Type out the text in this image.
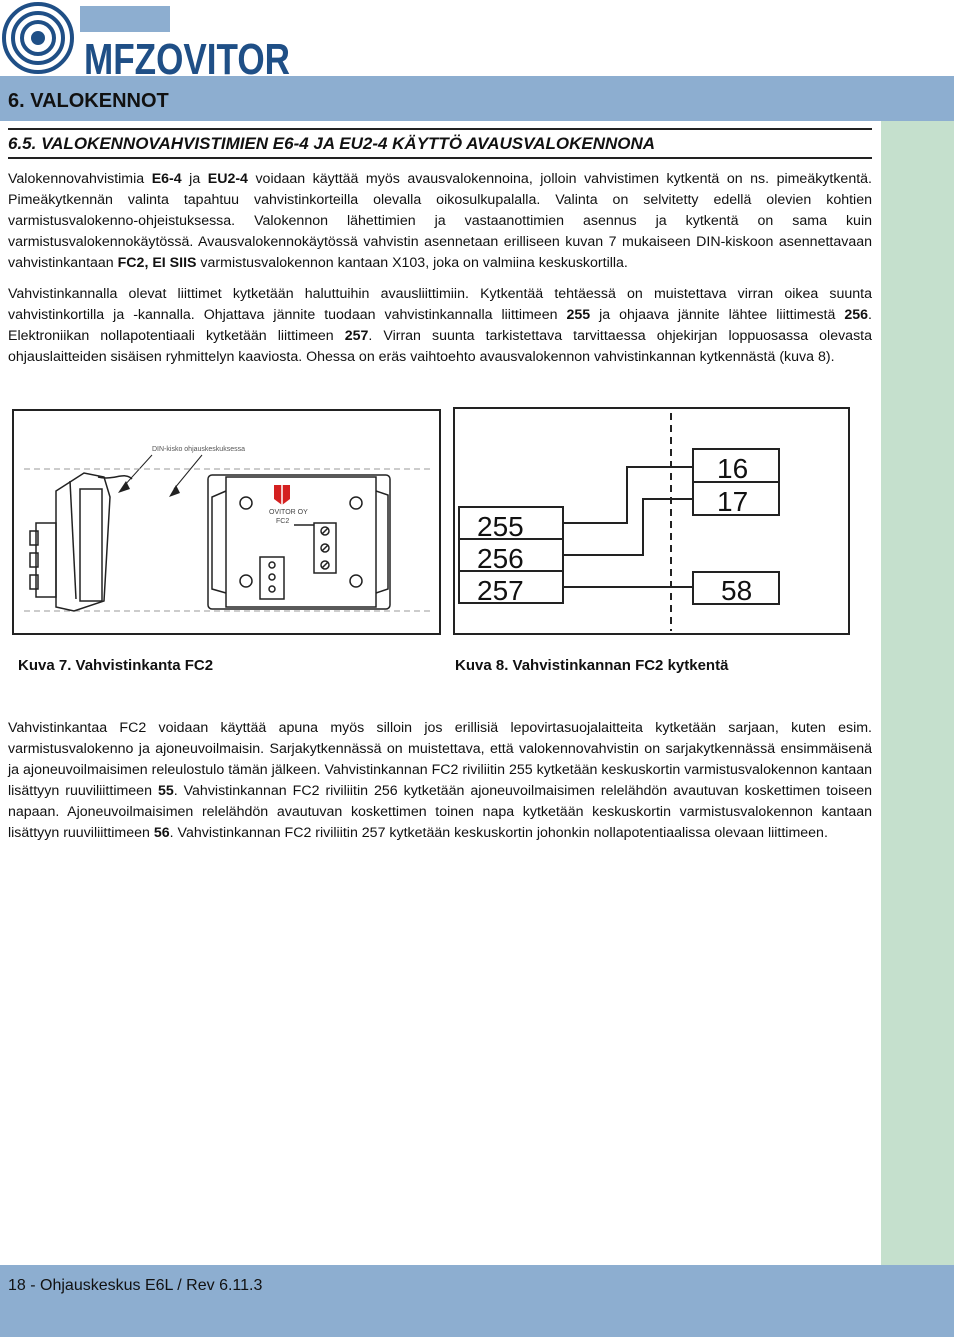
MFZOVITOR
6. VALOKENNOT
6.5. VALOKENNOVAHVISTIMIEN E6-4 JA EU2-4 KÄYTTÖ AVAUSVALOKENNONA

Valokennovahvistimia E6-4 ja EU2-4 voidaan käyttää myös avausvalokennoina, jolloin vahvistimen kytkentä on ns. pimeäkytkentä. Pimeäkytkennän valinta tapahtuu vahvistinkorteilla olevalla oikosulkupalalla. Valinta on selvitetty edellä olevien kohtien varmistusvalokenno-ohjeistuksessa. Valokennon lähettimien ja vastaanottimien asennus ja kytkentä on sama kuin varmistusvalokennokäytössä. Avausvalokennokäytössä vahvistin asennetaan erilliseen kuvan 7 mukaiseen DIN-kiskoon asennettavaan vahvistinkantaan FC2, EI SIIS varmistusvalokennon kantaan X103, joka on valmiina keskuskortilla.

Vahvistinkannalla olevat liittimet kytketään haluttuihin avausliittimiin. Kytkentää tehtäessä on muistettava virran oikea suunta vahvistinkortilla ja -kannalla. Ohjattava jännite tuodaan vahvistinkannalla liittimeen 255 ja ohjaava jännite lähtee liittimestä 256. Elektroniikan nollapotentiaali kytketään liittimeen 257. Virran suunta tarkistettava tarvittaessa ohjekirjan loppuosassa olevasta ohjauslaitteiden sisäisen ryhmittelyn kaaviosta. Ohessa on eräs vaihtoehto avausvalokennon vahvistinkannan kytkennästä (kuva 8).

DIN-kisko ohjauskeskuksessa
OVITOR OY
FC2	255
256
257
16
17
58
Kuva 7. Vahvistinkanta FC2	Kuva 8. Vahvistinkannan FC2 kytkentä

Vahvistinkantaa FC2 voidaan käyttää apuna myös silloin jos erillisiä lepovirtasuojalaitteita kytketään sarjaan, kuten esim. varmistusvalokenno ja ajoneuvoilmaisin. Sarjakytkennässä on muistettava, että valokennovahvistin on sarjakytkennässä ensimmäisenä ja ajoneuvoilmaisimen releulostulo tämän jälkeen. Vahvistinkannan FC2 riviliitin 255 kytketään keskuskortin varmistusvalokennon kantaan lisättyyn ruuviliittimeen 55. Vahvistinkannan FC2 riviliitin 256 kytketään ajoneuvoilmaisimen relelähdön avautuvan koskettimen toiseen napaan. Ajoneuvoilmaisimen relelähdön avautuvan koskettimen toinen napa kytketään keskuskortin varmistusvalokennon kantaan lisättyyn ruuviliittimeen 56. Vahvistinkannan FC2 riviliitin 257 kytketään keskuskortin johonkin nollapotentiaalissa olevaan liittimeen.

18 - Ohjauskeskus E6L / Rev 6.11.3
